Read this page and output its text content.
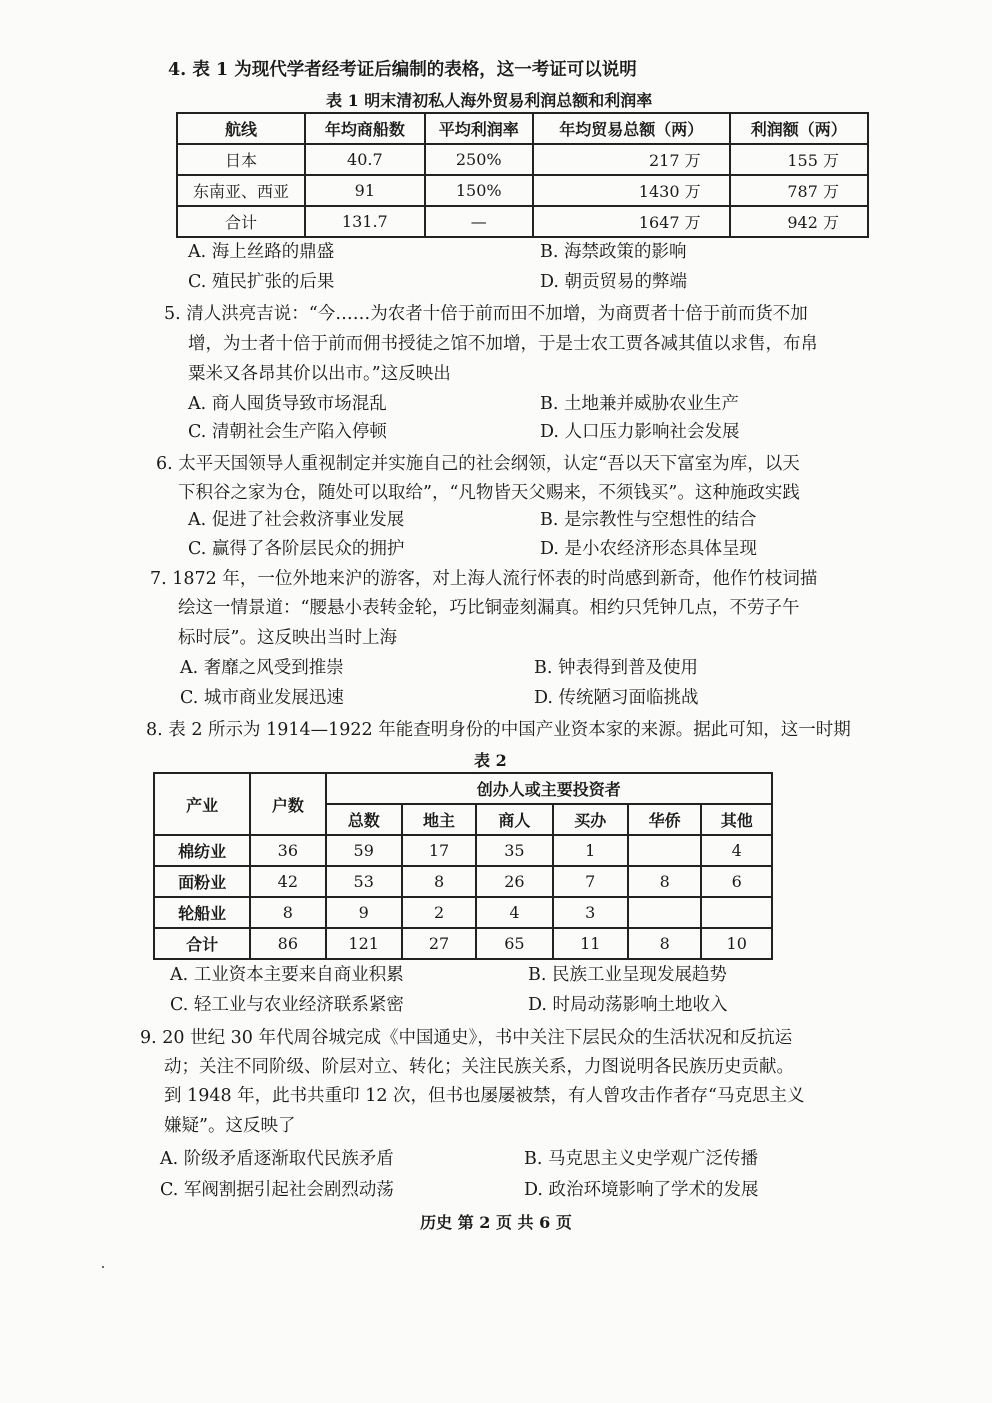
4. 表 1 为现代学者经考证后编制的表格，这一考证可以说明
表 1 明末清初私人海外贸易利润总额和利润率
航线	年均商船数	平均利润率	年均贸易总额（两）	利润额（两）
日本	40.7	250%	217 万	155 万
东南亚、西亚	91	150%	1430 万	787 万
合计	131.7	—	1647 万	942 万
A. 海上丝路的鼎盛	B. 海禁政策的影响
C. 殖民扩张的后果	D. 朝贡贸易的弊端
5. 清人洪亮吉说：“今……为农者十倍于前而田不加增，为商贾者十倍于前而货不加
增，为士者十倍于前而佣书授徒之馆不加增，于是士农工贾各减其值以求售，布帛
粟米又各昂其价以出市。”这反映出
A. 商人囤货导致市场混乱	B. 土地兼并威胁农业生产
C. 清朝社会生产陷入停顿	D. 人口压力影响社会发展
6. 太平天国领导人重视制定并实施自己的社会纲领，认定“吾以天下富室为库，以天
下积谷之家为仓，随处可以取给”，“凡物皆天父赐来，不须钱买”。这种施政实践
A. 促进了社会救济事业发展	B. 是宗教性与空想性的结合
C. 赢得了各阶层民众的拥护	D. 是小农经济形态具体呈现
7. 1872 年，一位外地来沪的游客，对上海人流行怀表的时尚感到新奇，他作竹枝词描
绘这一情景道：“腰悬小表转金轮，巧比铜壶刻漏真。相约只凭钟几点，不劳子午
标时辰”。这反映出当时上海
A. 奢靡之风受到推崇	B. 钟表得到普及使用
C. 城市商业发展迅速	D. 传统陋习面临挑战
8. 表 2 所示为 1914—1922 年能查明身份的中国产业资本家的来源。据此可知，这一时期
表 2
产业	户数	创办人或主要投资者					
		总数	地主	商人	买办	华侨	其他
棉纺业	36	59	17	35	1		4
面粉业	42	53	8	26	7	8	6
轮船业	8	9	2	4	3		
合计	86	121	27	65	11	8	10
A. 工业资本主要来自商业积累	B. 民族工业呈现发展趋势
C. 轻工业与农业经济联系紧密	D. 时局动荡影响土地收入
9. 20 世纪 30 年代周谷城完成《中国通史》，书中关注下层民众的生活状况和反抗运
动；关注不同阶级、阶层对立、转化；关注民族关系，力图说明各民族历史贡献。
到 1948 年，此书共重印 12 次，但书也屡屡被禁，有人曾攻击作者存“马克思主义
嫌疑”。这反映了
A. 阶级矛盾逐渐取代民族矛盾	B. 马克思主义史学观广泛传播
C. 军阀割据引起社会剧烈动荡	D. 政治环境影响了学术的发展
历史 第 2 页 共 6 页
